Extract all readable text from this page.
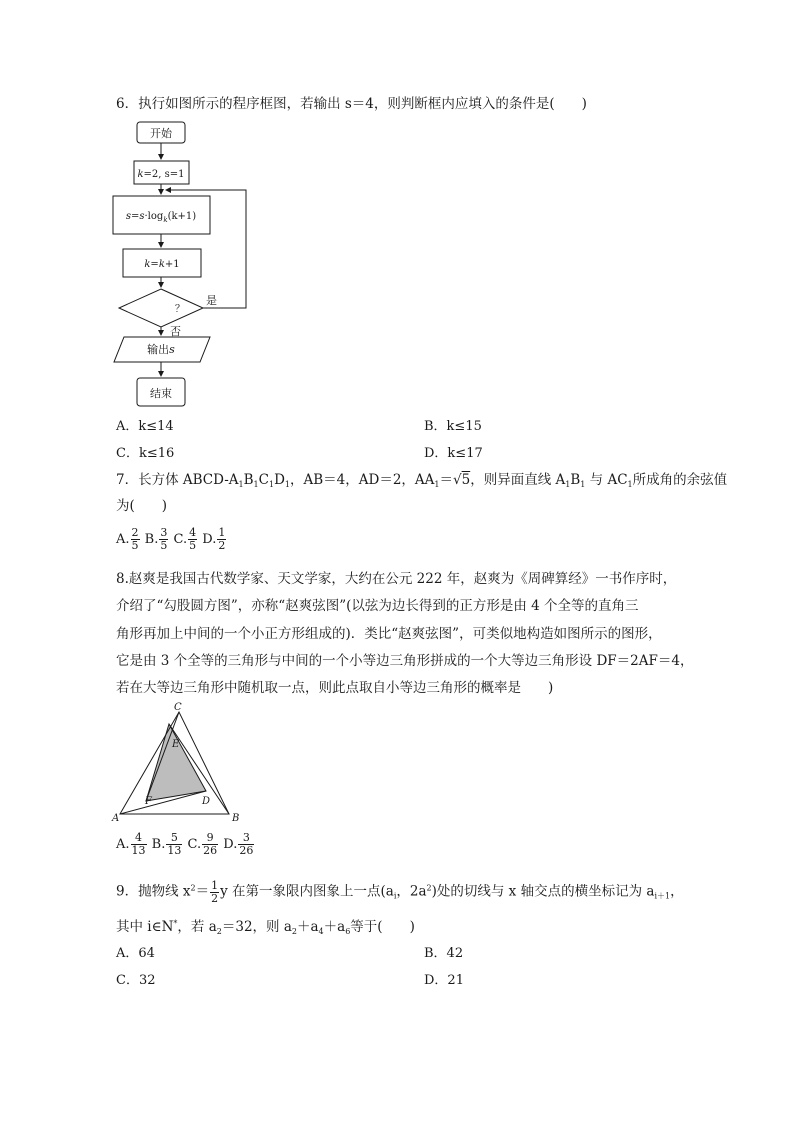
6．执行如图所示的程序框图，若输出 s＝4，则判断框内应填入的条件是(　　)
开始
k=2, s=1
$s=s\cdot\log_k(k+1)$
k=k+1
？
是
否
输出s
结束
A．k≤14	B．k≤15
C．k≤16	D．k≤17
7．长方体 ABCD-$A_1B_1C_1D_1$，AB＝4，AD＝2，$AA_1=√5$，则异面直线 $A_1B_1$ 与 $AC_1$所成角的余弦值
为(　　)
A. $\frac{2}{5} B$. $\frac{3}{5} C$. $\frac{4}{5} D$. $\frac{1}{2}$
8.赵爽是我国古代数学家、天文学家，大约在公元 222 年，赵爽为《周碑算经》一书作序时，
介绍了“勾股圆方图”，亦称“赵爽弦图”(以弦为边长得到的正方形是由 4 个全等的直角三
角形再加上中间的一个小正方形组成的)．类比“赵爽弦图”，可类似地构造如图所示的图形，
它是由 3 个全等的三角形与中间的一个小等边三角形拼成的一个大等边三角形设 DF＝2AF＝4，
若在大等边三角形中随机取一点，则此点取自小等边三角形的概率是　　)
A	B
C
D
E
F
A. $\frac{4}{13} B$. $\frac{5}{13} C$. $\frac{9}{26} D$. $\frac{3}{26}$
9．抛物线 $x^2= \frac{1}{2}$ y 在第一象限内图象上一点($a_i$，$2a^2$)处的切线与 x 轴交点的横坐标记为 $a_{i+1}$，
其中 i∈N*，若 $a_2=32$，则 $a_2+a_4+a_6$等于(　　)
A．64	B．42
C．32	D．21
